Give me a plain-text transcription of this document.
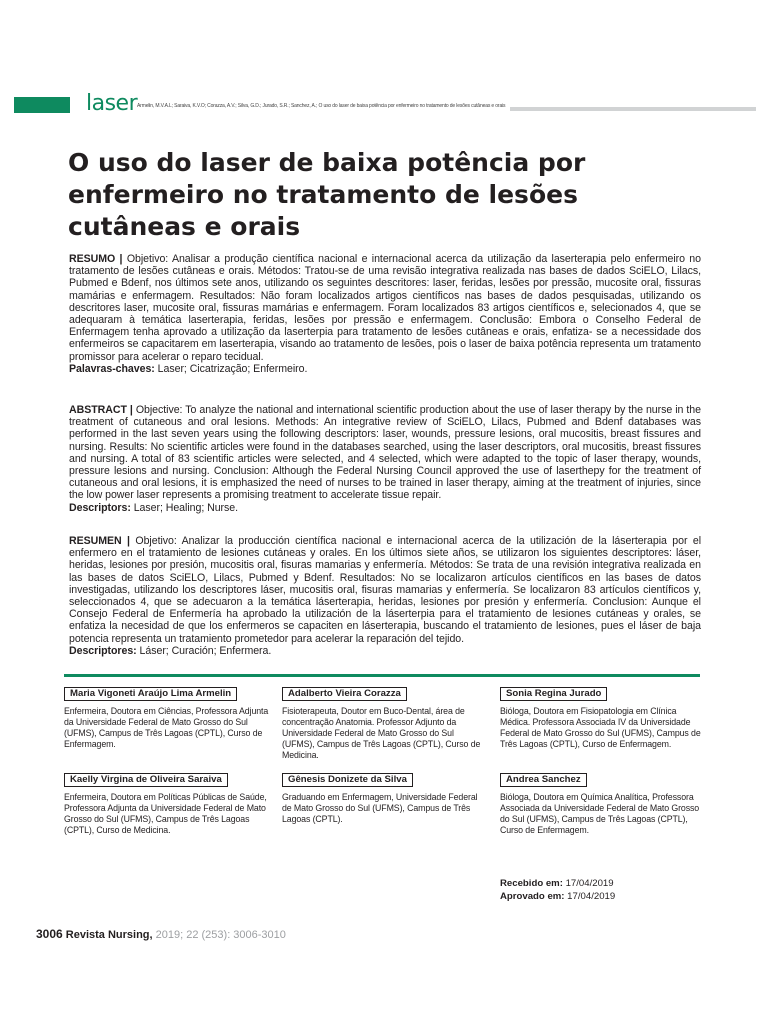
laser Armelin, M.V.A.L; Saraiva, K.V.O; Corazza, A.V.; Silva, G.D.; Jurado, S.R.; Sanchez, A.; O uso do laser de baixa potência por enfermeiro no tratamento de lesões cutâneas e orais
O uso do laser de baixa potência por enfermeiro no tratamento de lesões cutâneas e orais

RESUMO | Objetivo: Analisar a produção científica nacional e internacional acerca da utilização da laserterapia pelo enfermeiro no tratamento de lesões cutâneas e orais. Métodos: Tratou-se de uma revisão integrativa realizada nas bases de dados SciELO, Lilacs, Pubmed e Bdenf, nos últimos sete anos, utilizando os seguintes descritores: laser, feridas, lesões por pressão, mucosite oral, fissuras mamárias e enfermagem. Resultados: Não foram localizados artigos científicos nas bases de dados pesquisadas, utilizando os descritores laser, mucosite oral, fissuras mamárias e enfermagem. Foram localizados 83 artigos científicos e, selecionados 4, que se adequaram à temática laserterapia, feridas, lesões por pressão e enfermagem. Conclusão: Embora o Conselho Federal de Enfermagem tenha aprovado a utilização da laserterpia para tratamento de lesões cutâneas e orais, enfatiza- se a necessidade dos enfermeiros se capacitarem em laserterapia, visando ao tratamento de lesões, pois o laser de baixa potência representa um tratamento promissor para acelerar o reparo tecidual.
Palavras-chaves: Laser; Cicatrização; Enfermeiro.

ABSTRACT | Objective: To analyze the national and international scientific production about the use of laser therapy by the nurse in the treatment of cutaneous and oral lesions. Methods: An integrative review of SciELO, Lilacs, Pubmed and Bdenf databases was performed in the last seven years using the following descriptors: laser, wounds, pressure lesions, oral mucositis, breast fissures and nursing. Results: No scientific articles were found in the databases searched, using the laser descriptors, oral mucositis, breast fissures and nursing. A total of 83 scientific articles were selected, and 4 selected, which were adapted to the topic of laser therapy, wounds, pressure lesions and nursing. Conclusion: Although the Federal Nursing Council approved the use of laserthepy for the treatment of cutaneous and oral lesions, it is emphasized the need of nurses to be trained in laser therapy, aiming at the treatment of injuries, since the low power laser represents a promising treatment to accelerate tissue repair.
Descriptors: Laser; Healing; Nurse.

RESUMEN | Objetivo: Analizar la producción científica nacional e internacional acerca de la utilización de la láserterapia por el enfermero en el tratamiento de lesiones cutáneas y orales. En los últimos siete años, se utilizaron los siguientes descriptores: láser, heridas, lesiones por presión, mucositis oral, fisuras mamarias y enfermería. Métodos: Se trata de una revisión integrativa realizada en las bases de datos SciELO, Lilacs, Pubmed y Bdenf. Resultados: No se localizaron artículos científicos en las bases de datos investigadas, utilizando los descriptores láser, mucositis oral, fisuras mamarias y enfermería. Se localizaron 83 artículos científicos y, seleccionados 4, que se adecuaron a la temática láserterapia, heridas, lesiones por presión y enfermería. Conclusion: Aunque el Consejo Federal de Enfermería ha aprobado la utilización de la láserterpia para el tratamiento de lesiones cutáneas y orales, se enfatiza la necesidad de que los enfermeros se capaciten en láserterapia, buscando el tratamiento de lesiones, pues el láser de baja potencia representa un tratamiento prometedor para acelerar la reparación del tejido.
Descriptores: Láser; Curación; Enfermera.

Maria Vigoneti Araújo Lima Armelin

Enfermeira, Doutora em Ciências, Professora Adjunta da Universidade Federal de Mato Grosso do Sul (UFMS), Campus de Três Lagoas (CPTL), Curso de Enfermagem.

Adalberto Vieira Corazza

Fisioterapeuta, Doutor em Buco-Dental, área de concentração Anatomia. Professor Adjunto da Universidade Federal de Mato Grosso do Sul (UFMS), Campus de Três Lagoas (CPTL), Curso de Medicina.

Sonia Regina Jurado

Bióloga, Doutora em Fisiopatologia em Clínica Médica. Professora Associada IV da Universidade Federal de Mato Grosso do Sul (UFMS), Campus de Três Lagoas (CPTL), Curso de Enfermagem.

Kaelly Virgina de Oliveira Saraiva

Enfermeira, Doutora em Políticas Públicas de Saúde, Professora Adjunta da Universidade Federal de Mato Grosso do Sul (UFMS), Campus de Três Lagoas (CPTL), Curso de Medicina.

Gênesis Donizete da Silva

Graduando em Enfermagem, Universidade Federal de Mato Grosso do Sul (UFMS), Campus de Três Lagoas (CPTL).

Andrea Sanchez

Bióloga, Doutora em Química Analítica, Professora Associada da Universidade Federal de Mato Grosso do Sul (UFMS), Campus de Três Lagoas (CPTL), Curso de Enfermagem.

Recebido em: 17/04/2019
Aprovado em: 17/04/2019
3006 Revista Nursing, 2019; 22 (253): 3006-3010
